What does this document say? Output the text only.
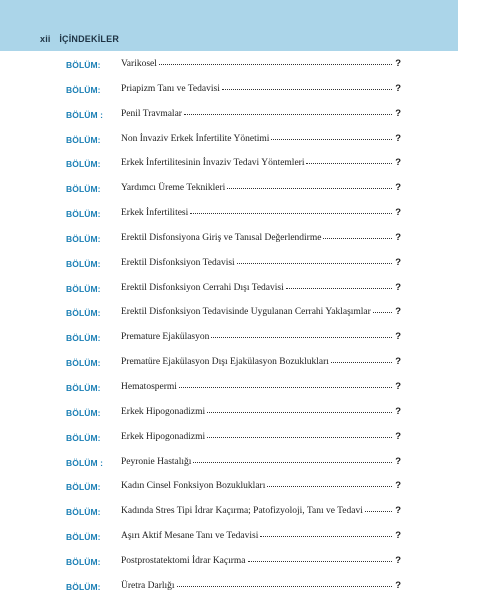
xii İÇİNDEKİLER
BÖLÜM: Varikosel	?
BÖLÜM: Priapizm Tanı ve Tedavisi	?
BÖLÜM : Penil Travmalar	?
BÖLÜM: Non İnvaziv Erkek İnfertilite Yönetimi	?
BÖLÜM: Erkek İnfertilitesinin İnvaziv Tedavi Yöntemleri	?
BÖLÜM: Yardımcı Üreme Teknikleri	?
BÖLÜM: Erkek İnfertilitesi	?
BÖLÜM: Erektil Disfonsiyona Giriş ve Tanısal Değerlendirme	?
BÖLÜM: Erektil Disfonksiyon Tedavisi	?
BÖLÜM: Erektil Disfonksiyon Cerrahi Dışı Tedavisi	?
BÖLÜM: Erektil Disfonksiyon Tedavisinde Uygulanan Cerrahi Yaklaşımlar	?
BÖLÜM: Premature Ejakülasyon	?
BÖLÜM: Prematüre Ejakülasyon Dışı Ejakülasyon Bozuklukları	?
BÖLÜM: Hematospermi	?
BÖLÜM: Erkek Hipogonadizmi	?
BÖLÜM: Erkek Hipogonadizmi	?
BÖLÜM : Peyronie Hastalığı	?
BÖLÜM: Kadın Cinsel Fonksiyon Bozuklukları	?
BÖLÜM: Kadında Stres Tipi İdrar Kaçırma; Patofizyoloji, Tanı ve Tedavi	?
BÖLÜM: Aşırı Aktif Mesane Tanı ve Tedavisi	?
BÖLÜM: Postprostatektomi İdrar Kaçırma	?
BÖLÜM: Üretra Darlığı	?
